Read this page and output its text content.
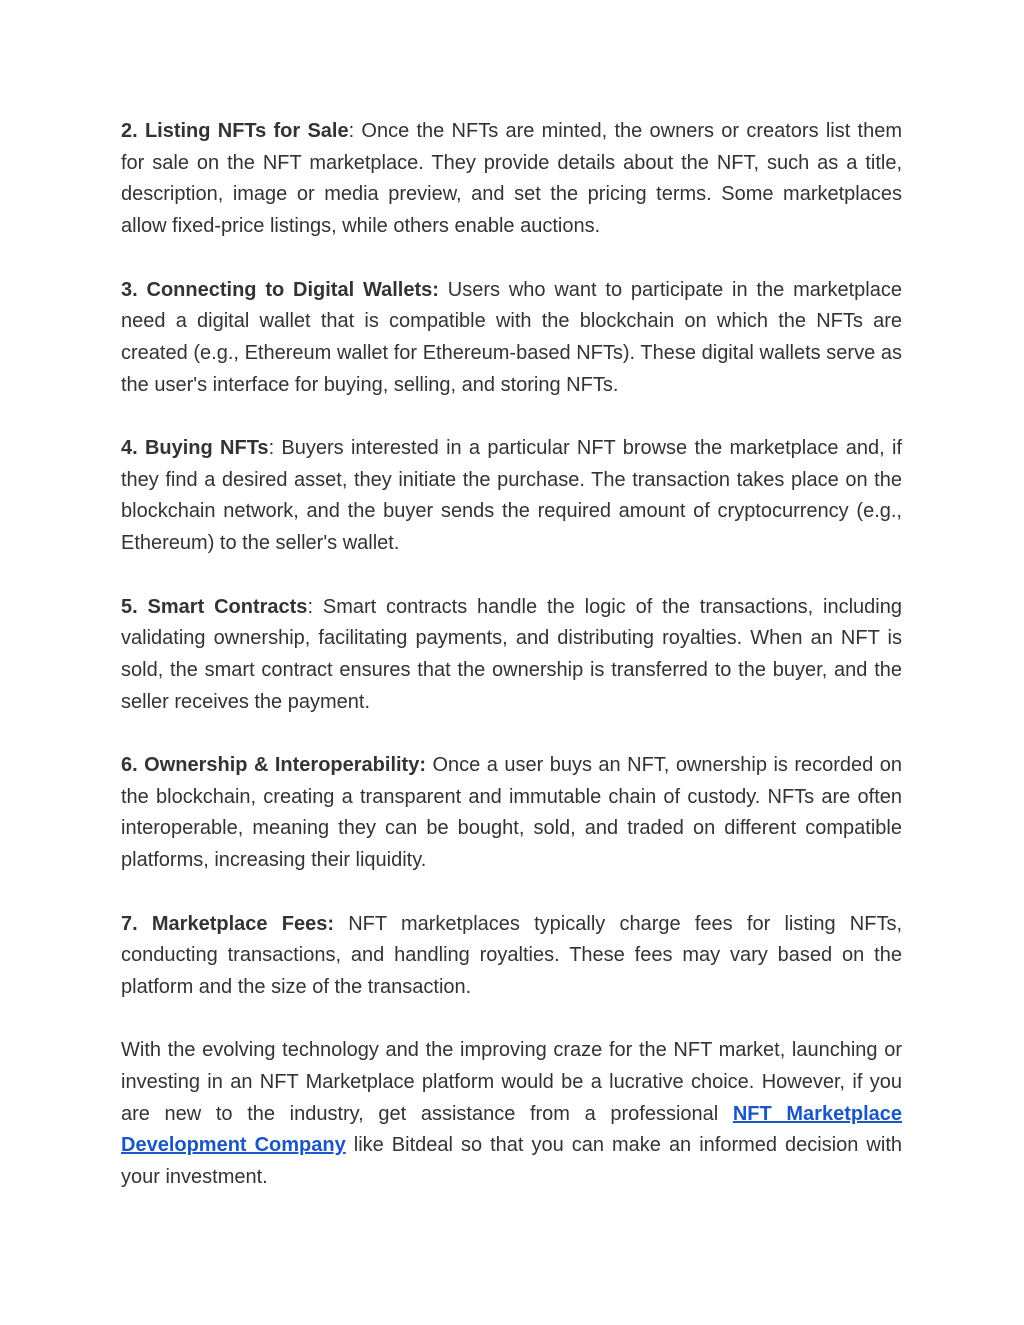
2. Listing NFTs for Sale: Once the NFTs are minted, the owners or creators list them for sale on the NFT marketplace. They provide details about the NFT, such as a title, description, image or media preview, and set the pricing terms. Some marketplaces allow fixed-price listings, while others enable auctions.

3. Connecting to Digital Wallets: Users who want to participate in the marketplace need a digital wallet that is compatible with the blockchain on which the NFTs are created (e.g., Ethereum wallet for Ethereum-based NFTs). These digital wallets serve as the user's interface for buying, selling, and storing NFTs.

4. Buying NFTs: Buyers interested in a particular NFT browse the marketplace and, if they find a desired asset, they initiate the purchase. The transaction takes place on the blockchain network, and the buyer sends the required amount of cryptocurrency (e.g., Ethereum) to the seller's wallet.

5. Smart Contracts: Smart contracts handle the logic of the transactions, including validating ownership, facilitating payments, and distributing royalties. When an NFT is sold, the smart contract ensures that the ownership is transferred to the buyer, and the seller receives the payment.

6. Ownership & Interoperability: Once a user buys an NFT, ownership is recorded on the blockchain, creating a transparent and immutable chain of custody. NFTs are often interoperable, meaning they can be bought, sold, and traded on different compatible platforms, increasing their liquidity.

7. Marketplace Fees: NFT marketplaces typically charge fees for listing NFTs, conducting transactions, and handling royalties. These fees may vary based on the platform and the size of the transaction.

With the evolving technology and the improving craze for the NFT market, launching or investing in an NFT Marketplace platform would be a lucrative choice. However, if you are new to the industry, get assistance from a professional NFT Marketplace Development Company like Bitdeal so that you can make an informed decision with your investment.
